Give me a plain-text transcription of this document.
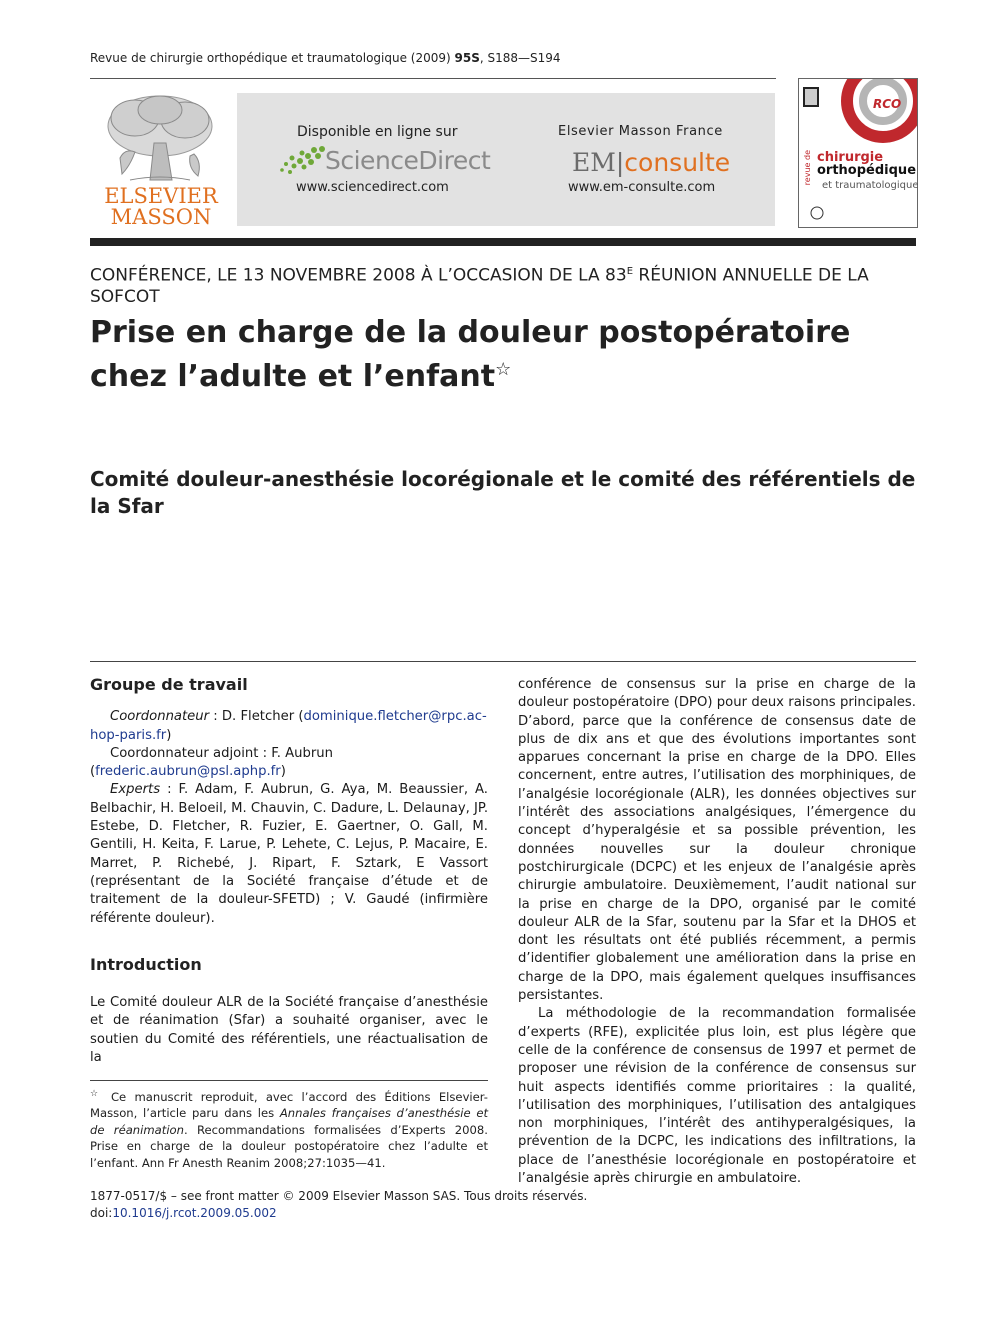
Revue de chirurgie orthopédique et traumatologique (2009) 95S, S188—S194
ELSEVIER
MASSON
Disponible en ligne sur
ScienceDirect
www.sciencedirect.com
Elsevier Masson France
EM|consulte
www.em-consulte.com
RCO
revue de chirurgie
orthopédique
et traumatologique
CONFÉRENCE, LE 13 NOVEMBRE 2008 À L’OCCASION DE LA $83^E$ RÉUNION ANNUELLE DE LA SOFCOT
Prise en charge de la douleur postopératoire chez l’adulte et l’enfant☆
Comité douleur-anesthésie locorégionale et le comité des référentiels de la Sfar
Groupe de travail

Coordonnateur : D. Fletcher (dominique.fletcher@rpc.ac-hop-paris.fr)

Coordonnateur adjoint : F. Aubrun (frederic.aubrun@psl.aphp.fr)

Experts : F. Adam, F. Aubrun, G. Aya, M. Beaussier, A. Belbachir, H. Beloeil, M. Chauvin, C. Dadure, L. Delaunay, JP. Estebe, D. Fletcher, R. Fuzier, E. Gaertner, O. Gall, M. Gentili, H. Keita, F. Larue, P. Lehete, C. Lejus, P. Macaire, E. Marret, P. Richebé, J. Ripart, F. Sztark, E Vassort (représentant de la Société française d’étude et de traitement de la douleur-SFETD) ; V. Gaudé (infirmière référente douleur).

Introduction

Le Comité douleur ALR de la Société française d’anesthésie et de réanimation (Sfar) a souhaité organiser, avec le soutien du Comité des référentiels, une réactualisation de la

☆ Ce manuscrit reproduit, avec l’accord des Éditions Elsevier-Masson, l’article paru dans les Annales françaises d’anesthésie et de réanimation. Recommandations formalisées d’Experts 2008. Prise en charge de la douleur postopératoire chez l’adulte et l’enfant. Ann Fr Anesth Reanim 2008;27:1035—41.

conférence de consensus sur la prise en charge de la douleur postopératoire (DPO) pour deux raisons principales. D’abord, parce que la conférence de consensus date de plus de dix ans et que des évolutions importantes sont apparues concernant la prise en charge de la DPO. Elles concernent, entre autres, l’utilisation des morphiniques, de l’analgésie locorégionale (ALR), les données objectives sur l’intérêt des associations analgésiques, l’émergence du concept d’hyperalgésie et sa possible prévention, les données nouvelles sur la douleur chronique postchirurgicale (DCPC) et les enjeux de l’analgésie après chirurgie ambulatoire. Deuxièmement, l’audit national sur la prise en charge de la DPO, organisé par le comité douleur ALR de la Sfar, soutenu par la Sfar et la DHOS et dont les résultats ont été publiés récemment, a permis d’identifier globalement une amélioration dans la prise en charge de la DPO, mais également quelques insuffisances persistantes.

La méthodologie de la recommandation formalisée d’experts (RFE), explicitée plus loin, est plus légère que celle de la conférence de consensus de 1997 et permet de proposer une révision de la conférence de consensus sur huit aspects identifiés comme prioritaires : la qualité, l’utilisation des morphiniques, l’utilisation des antalgiques non morphiniques, l’intérêt des antihyperalgésiques, la prévention de la DCPC, les indications des infiltrations, la place de l’anesthésie locorégionale en postopératoire et l’analgésie après chirurgie en ambulatoire.

1877-0517/$ – see front matter © 2009 Elsevier Masson SAS. Tous droits réservés.
doi:10.1016/j.rcot.2009.05.002
